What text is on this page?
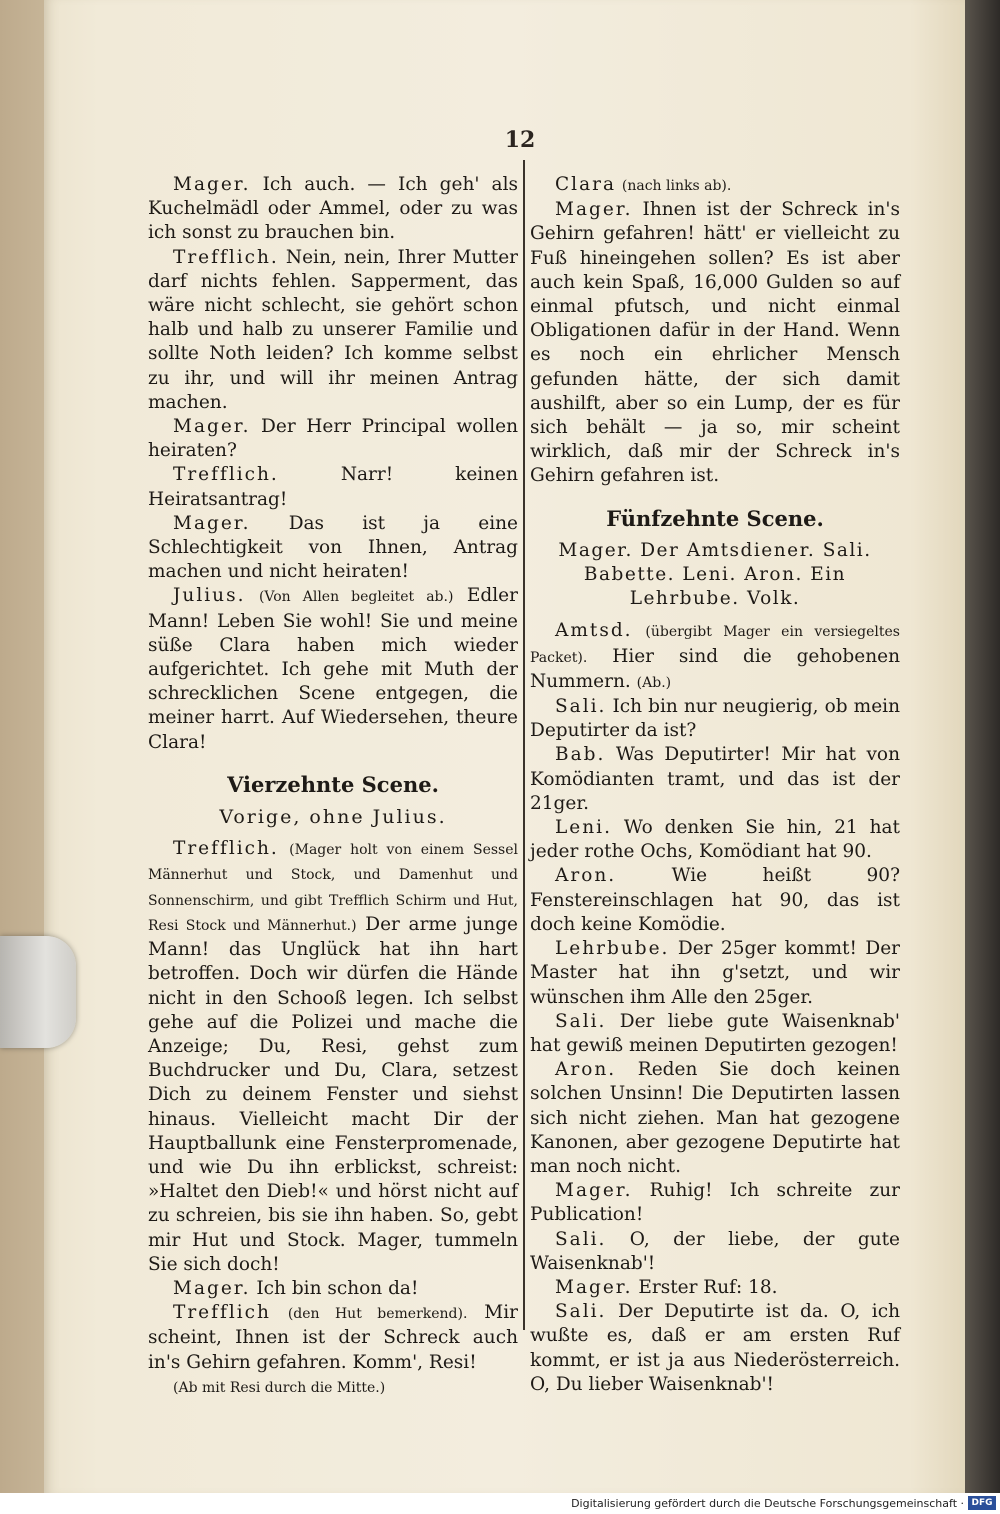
12

Mager. Ich auch. — Ich geh' als Kuchelmädl oder Ammel, oder zu was ich sonst zu brauchen bin.

Trefflich. Nein, nein, Ihrer Mutter darf nichts fehlen. Sapperment, das wäre nicht schlecht, sie gehört schon halb und halb zu unserer Familie und sollte Noth leiden? Ich komme selbst zu ihr, und will ihr meinen Antrag machen.

Mager. Der Herr Principal wollen heiraten?

Trefflich.	Narr! keinen Heiratsantrag!

Mager. Das ist ja eine Schlechtigkeit von Ihnen, Antrag machen und nicht heiraten!

Julius. (Von Allen begleitet ab.) Edler Mann! Leben Sie wohl! Sie und meine süße Clara haben mich wieder aufgerichtet. Ich gehe mit Muth der schrecklichen Scene entgegen, die meiner harrt. Auf Wiedersehen, theure Clara!

Vierzehnte Scene.
Vorige, ohne Julius.

Trefflich. (Mager holt von einem Sessel Männerhut und Stock, und Damenhut und Sonnenschirm, und gibt Trefflich Schirm und Hut, Resi Stock und Männerhut.) Der arme junge Mann! das Unglück hat ihn hart betroffen. Doch wir dürfen die Hände nicht in den Schooß legen. Ich selbst gehe auf die Polizei und mache die Anzeige; Du, Resi, gehst zum Buchdrucker und Du, Clara, setzest Dich zu deinem Fenster und siehst hinaus. Vielleicht macht Dir der Hauptballunk eine Fensterpromenade, und wie Du ihn erblickst, schreist: »Haltet den Dieb!« und hörst nicht auf zu schreien, bis sie ihn haben. So, gebt mir Hut und Stock. Mager, tummeln Sie sich doch!

Mager. Ich bin schon da!

Trefflich (den Hut bemerkend). Mir scheint, Ihnen ist der Schreck auch in's Gehirn gefahren. Komm', Resi!

(Ab mit Resi durch die Mitte.)

Clara (nach links ab).

Mager. Ihnen ist der Schreck in's Gehirn gefahren! hätt' er vielleicht zu Fuß hineingehen sollen? Es ist aber auch kein Spaß, 16,000 Gulden so auf einmal pfutsch, und nicht einmal Obligationen dafür in der Hand. Wenn es noch ein ehrlicher Mensch gefunden hätte, der sich damit aushilft, aber so ein Lump, der es für sich behält — ja so, mir scheint wirklich, daß mir der Schreck in's Gehirn gefahren ist.

Fünfzehnte Scene.
Mager. Der Amtsdiener. Sali. Babette. Leni. Aron. Ein Lehrbube. Volk.

Amtsd. (übergibt Mager ein versiegeltes Packet). Hier sind die gehobenen Nummern. (Ab.)

Sali. Ich bin nur neugierig, ob mein Deputirter da ist?

Bab. Was Deputirter! Mir hat von Komödianten tramt, und das ist der 21ger.

Leni. Wo denken Sie hin, 21 hat jeder rothe Ochs, Komödiant hat 90.

Aron.	Wie heißt 90? Fenstereinschlagen hat 90, das ist doch keine Komödie.

Lehrbube. Der 25ger kommt! Der Master hat ihn g'setzt, und wir wünschen ihm Alle den 25ger.

Sali. Der liebe gute Waisenknab' hat gewiß meinen Deputirten gezogen!

Aron. Reden Sie doch keinen solchen Unsinn! Die Deputirten lassen sich nicht ziehen. Man hat gezogene Kanonen, aber gezogene Deputirte hat man noch nicht.

Mager. Ruhig! Ich schreite zur Publication!

Sali. O, der liebe, der gute Waisenknab'!

Mager. Erster Ruf: 18.

Sali. Der Deputirte ist da. O, ich wußte es, daß er am ersten Ruf kommt, er ist ja aus Niederösterreich. O, Du lieber Waisenknab'!

Digitalisierung gefördert durch die Deutsche Forschungsgemeinschaft · DFG
